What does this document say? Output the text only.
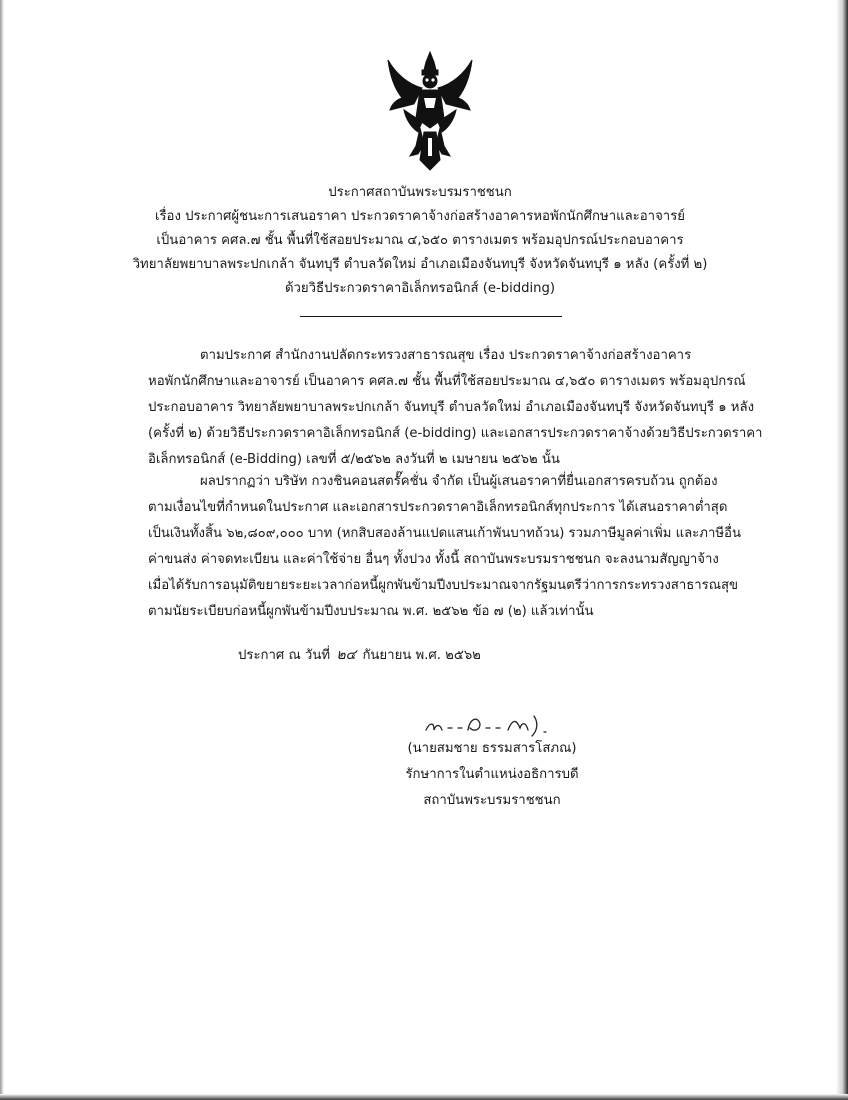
ประกาศสถาบันพระบรมราชชนก
เรื่อง ประกาศผู้ชนะการเสนอราคา ประกวดราคาจ้างก่อสร้างอาคารหอพักนักศึกษาและอาจารย์
เป็นอาคาร คศล.๗ ชั้น พื้นที่ใช้สอยประมาณ ๔,๖๕๐ ตารางเมตร พร้อมอุปกรณ์ประกอบอาคาร
วิทยาลัยพยาบาลพระปกเกล้า จันทบุรี ตำบลวัดใหม่ อำเภอเมืองจันทบุรี จังหวัดจันทบุรี ๑ หลัง (ครั้งที่ ๒)
ด้วยวิธีประกวดราคาอิเล็กทรอนิกส์ (e-bidding)
ตามประกาศ สำนักงานปลัดกระทรวงสาธารณสุข เรื่อง ประกวดราคาจ้างก่อสร้างอาคาร
หอพักนักศึกษาและอาจารย์ เป็นอาคาร คศล.๗ ชั้น พื้นที่ใช้สอยประมาณ ๔,๖๕๐ ตารางเมตร พร้อมอุปกรณ์
ประกอบอาคาร วิทยาลัยพยาบาลพระปกเกล้า จันทบุรี ตำบลวัดใหม่ อำเภอเมืองจันทบุรี จังหวัดจันทบุรี ๑ หลัง
(ครั้งที่ ๒) ด้วยวิธีประกวดราคาอิเล็กทรอนิกส์ (e-bidding) และเอกสารประกวดราคาจ้างด้วยวิธีประกวดราคา
อิเล็กทรอนิกส์ (e-Bidding) เลขที่ ๕/๒๕๖๒ ลงวันที่ ๒ เมษายน ๒๕๖๒ นั้น
ผลปรากฏว่า บริษัท กวงชินคอนสตรั๊คชั่น จำกัด เป็นผู้เสนอราคาที่ยื่นเอกสารครบถ้วน ถูกต้อง
ตามเงื่อนไขที่กำหนดในประกาศ และเอกสารประกวดราคาอิเล็กทรอนิกส์ทุกประการ ได้เสนอราคาต่ำสุด
เป็นเงินทั้งสิ้น ๖๒,๘๐๙,๐๐๐ บาท (หกสิบสองล้านแปดแสนเก้าพันบาทถ้วน) รวมภาษีมูลค่าเพิ่ม และภาษีอื่น
ค่าขนส่ง ค่าจดทะเบียน และค่าใช้จ่าย อื่นๆ ทั้งปวง ทั้งนี้ สถาบันพระบรมราชชนก จะลงนามสัญญาจ้าง
เมื่อได้รับการอนุมัติขยายระยะเวลาก่อหนี้ผูกพันข้ามปีงบประมาณจากรัฐมนตรีว่าการกระทรวงสาธารณสุข
ตามนัยระเบียบก่อหนี้ผูกพันข้ามปีงบประมาณ พ.ศ. ๒๕๖๒ ข้อ ๗ (๒) แล้วเท่านั้น
ประกาศ ณ วันที่ ๒๔ กันยายน พ.ศ. ๒๕๖๒
(นายสมชาย ธรรมสารโสภณ)
รักษาการในตำแหน่งอธิการบดี
สถาบันพระบรมราชชนก
